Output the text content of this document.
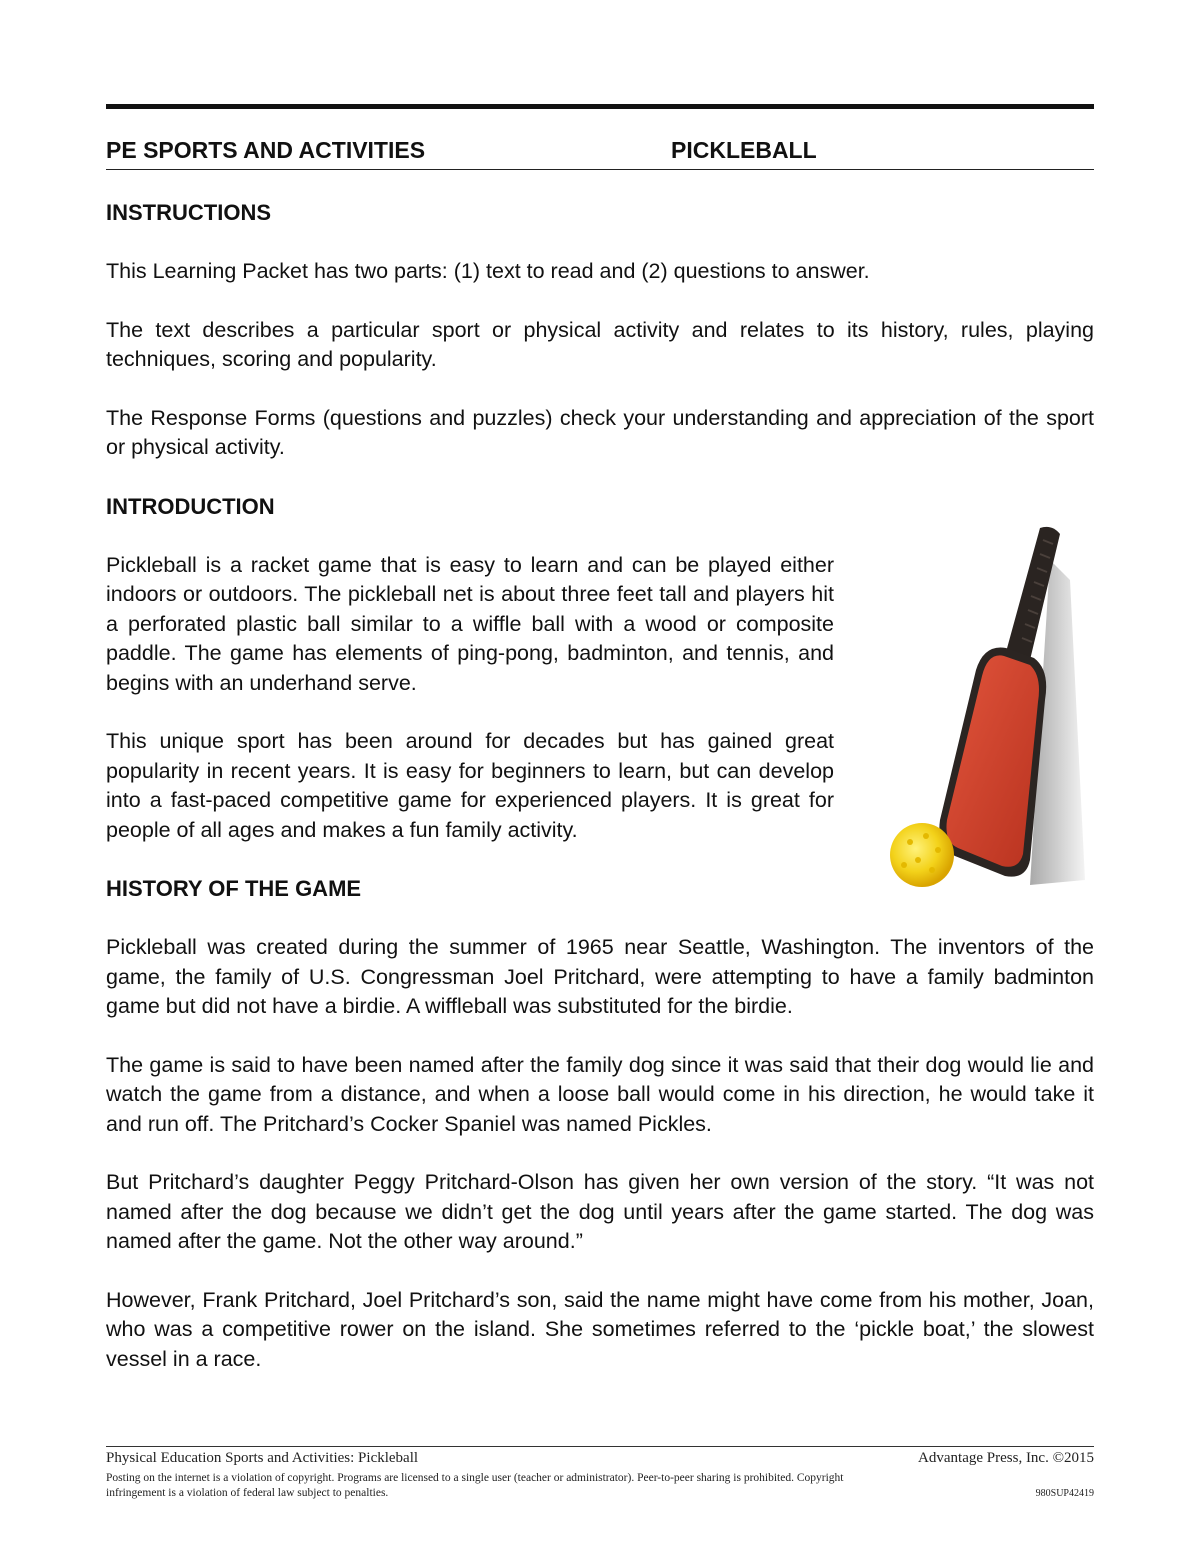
PE SPORTS AND ACTIVITIES	PICKLEBALL
INSTRUCTIONS
This Learning Packet has two parts: (1) text to read and (2) questions to answer.
The text describes a particular sport or physical activity and relates to its history, rules, playing techniques, scoring and popularity.
The Response Forms (questions and puzzles) check your understanding and appreciation of the sport or physical activity.
INTRODUCTION
Pickleball is a racket game that is easy to learn and can be played either indoors or outdoors. The pickleball net is about three feet tall and players hit a perforated plastic ball similar to a wiffle ball with a wood or composite paddle. The game has elements of ping-pong, badminton, and tennis, and begins with an underhand serve.
This unique sport has been around for decades but has gained great popularity in recent years. It is easy for beginners to learn, but can develop into a fast-paced competitive game for experienced players. It is great for people of all ages and makes a fun family activity.
HISTORY OF THE GAME
Pickleball was created during the summer of 1965 near Seattle, Washington. The inventors of the game, the family of U.S. Congressman Joel Pritchard, were attempting to have a family badminton game but did not have a birdie. A wiffleball was substituted for the birdie.
The game is said to have been named after the family dog since it was said that their dog would lie and watch the game from a distance, and when a loose ball would come in his direction, he would take it and run off. The Pritchard’s Cocker Spaniel was named Pickles.
But Pritchard’s daughter Peggy Pritchard-Olson has given her own version of the story. “It was not named after the dog because we didn’t get the dog until years after the game started. The dog was named after the game. Not the other way around.”
However, Frank Pritchard, Joel Pritchard’s son, said the name might have come from his mother, Joan, who was a competitive rower on the island. She sometimes referred to the ‘pickle boat,’ the slowest vessel in a race.
Physical Education Sports and Activities: Pickleball	Advantage Press, Inc. ©2015
Posting on the internet is a violation of copyright. Programs are licensed to a single user (teacher or administrator). Peer-to-peer sharing is prohibited. Copyright
infringement is a violation of federal law subject to penalties.	980SUP42419
